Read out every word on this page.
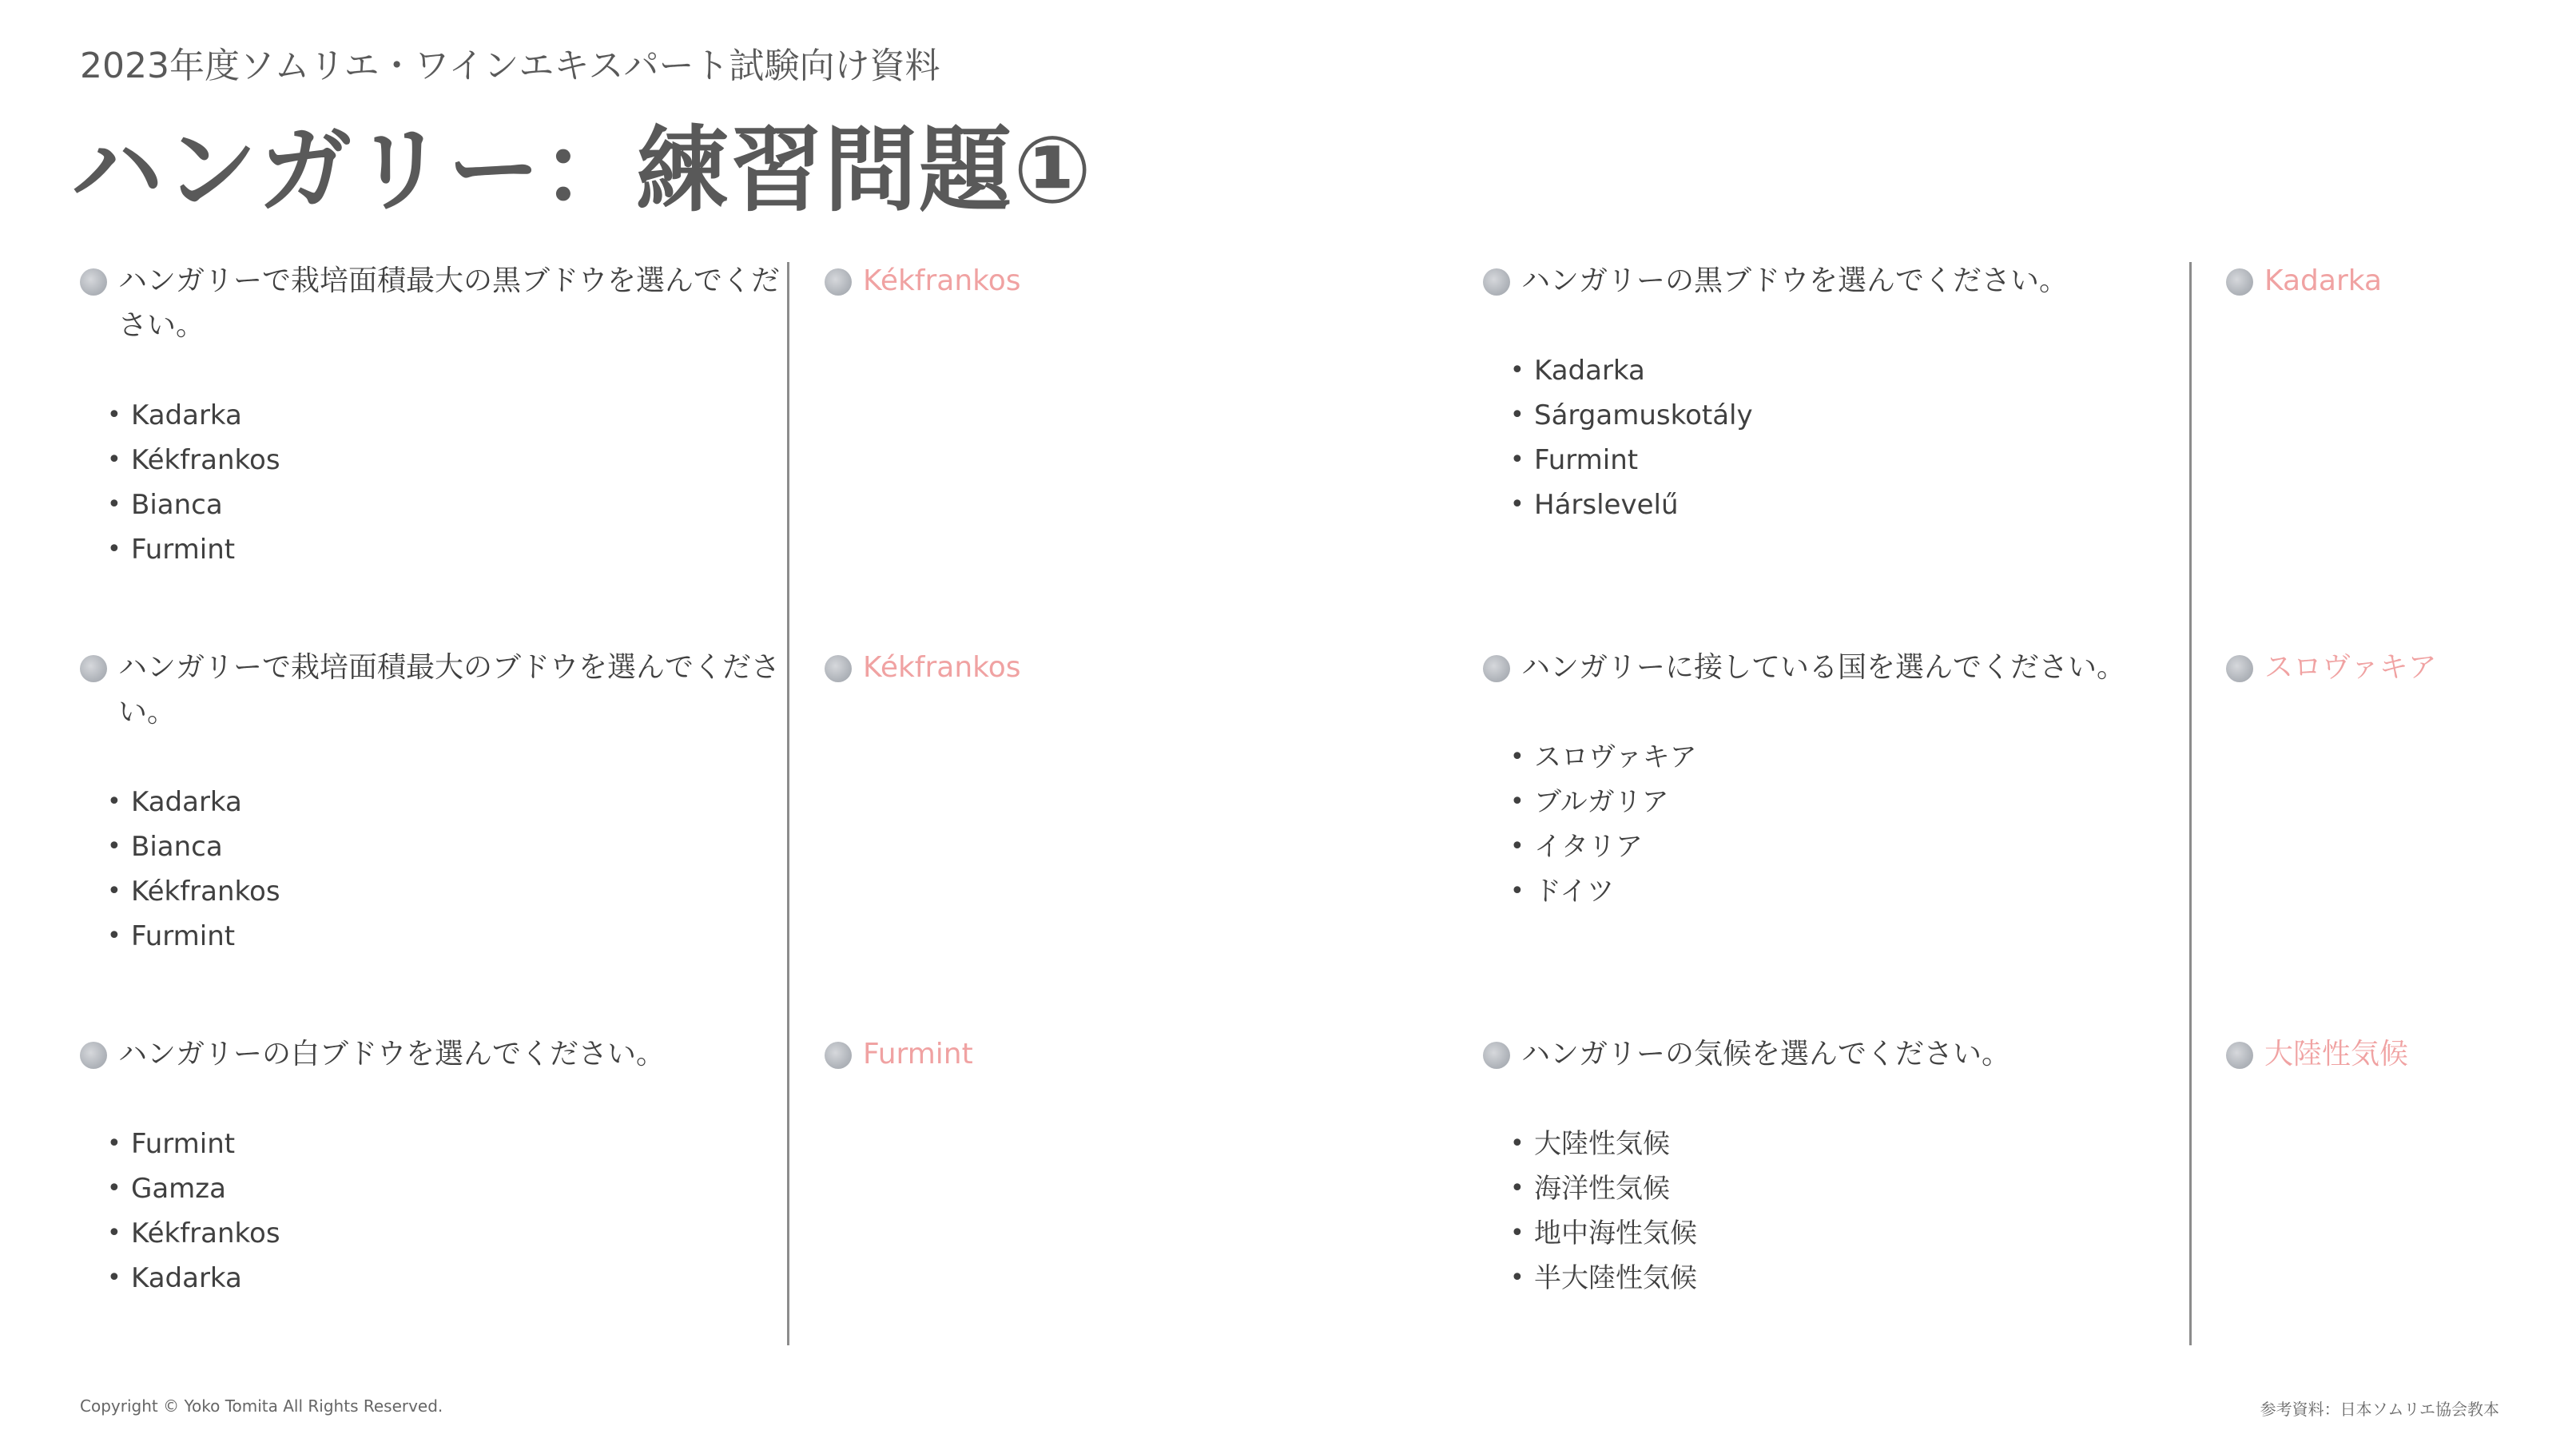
2023年度ソムリエ・ワインエキスパート試験向け資料
ハンガリー：練習問題①
ハンガリーで栽培面積最大の黒ブドウを選んでください。
• Kadarka
• Kékfrankos
• Bianca
• Furmint
Kékfrankos
ハンガリーで栽培面積最大のブドウを選んでください。
• Kadarka
• Bianca
• Kékfrankos
• Furmint
Kékfrankos
ハンガリーの白ブドウを選んでください。
• Furmint
• Gamza
• Kékfrankos
• Kadarka
Furmint
ハンガリーの黒ブドウを選んでください。
• Kadarka
• Sárgamuskotály
• Furmint
• Hárslevelű
Kadarka
ハンガリーに接している国を選んでください。
• スロヴァキア
• ブルガリア
• イタリア
• ドイツ
スロヴァキア
ハンガリーの気候を選んでください。
• 大陸性気候
• 海洋性気候
• 地中海性気候
• 半大陸性気候
大陸性気候
Copyright © Yoko Tomita All Rights Reserved.	参考資料：日本ソムリエ協会教本
